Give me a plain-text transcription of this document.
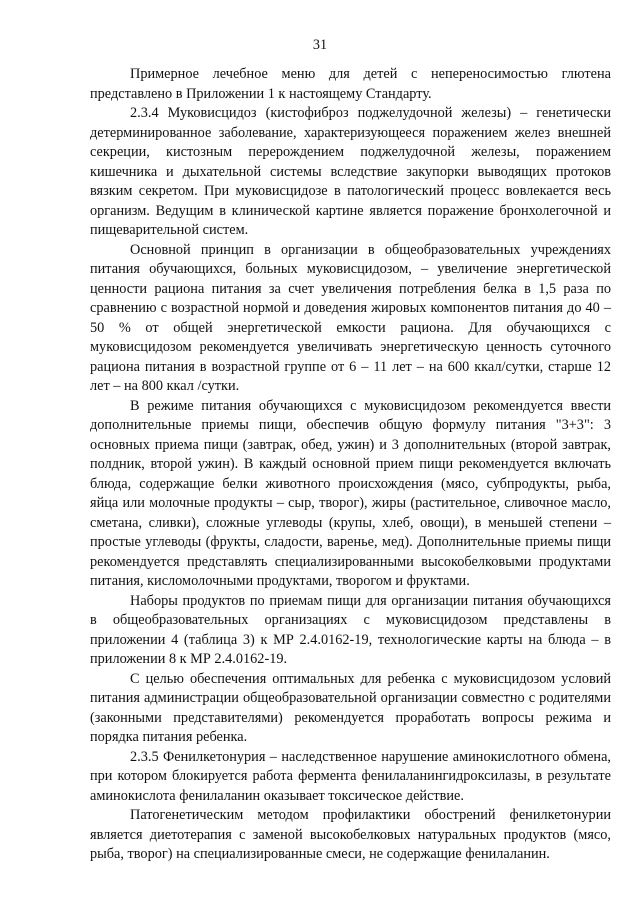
31

Примерное лечебное меню для детей с непереносимостью глютена представлено в Приложении 1 к настоящему Стандарту.

2.3.4 Муковисцидоз (кистофиброз поджелудочной железы) – генетически детерминированное заболевание, характеризующееся поражением желез внешней секреции, кистозным перерождением поджелудочной железы, поражением кишечника и дыхательной системы вследствие закупорки выводящих протоков вязким секретом. При муковисцидозе в патологический процесс вовлекается весь организм. Ведущим в клинической картине является поражение бронхолегочной и пищеварительной систем.

Основной принцип в организации в общеобразовательных учреждениях питания обучающихся, больных муковисцидозом, – увеличение энергетической ценности рациона питания за счет увеличения потребления белка в 1,5 раза по сравнению с возрастной нормой и доведения жировых компонентов питания до 40 – 50 % от общей энергетической емкости рациона. Для обучающихся с муковисцидозом рекомендуется увеличивать энергетическую ценность суточного рациона питания в возрастной группе от 6 – 11 лет – на 600 ккал/сутки, старше 12 лет – на 800 ккал /сутки.

В режиме питания обучающихся с муковисцидозом рекомендуется ввести дополнительные приемы пищи, обеспечив общую формулу питания "3+3": 3 основных приема пищи (завтрак, обед, ужин) и 3 дополнительных (второй завтрак, полдник, второй ужин). В каждый основной прием пищи рекомендуется включать блюда, содержащие белки животного происхождения (мясо, субпродукты, рыба, яйца или молочные продукты – сыр, творог), жиры (растительное, сливочное масло, сметана, сливки), сложные углеводы (крупы, хлеб, овощи), в меньшей степени – простые углеводы (фрукты, сладости, варенье, мед). Дополнительные приемы пищи рекомендуется представлять специализированными высокобелковыми продуктами питания, кисломолочными продуктами, творогом и фруктами.

Наборы продуктов по приемам пищи для организации питания обучающихся в общеобразовательных организациях с муковисцидозом представлены в приложении 4 (таблица 3) к МР 2.4.0162-19, технологические карты на блюда – в приложении 8 к МР 2.4.0162-19.

С целью обеспечения оптимальных для ребенка с муковисцидозом условий питания администрации общеобразовательной организации совместно с родителями (законными представителями) рекомендуется проработать вопросы режима и порядка питания ребенка.

2.3.5 Фенилкетонурия – наследственное нарушение аминокислотного обмена, при котором блокируется работа фермента фенилаланингидроксилазы, в результате аминокислота фенилаланин оказывает токсическое действие.

Патогенетическим методом профилактики обострений фенилкетонурии является диетотерапия с заменой высокобелковых натуральных продуктов (мясо, рыба, творог) на специализированные смеси, не содержащие фенилаланин.
